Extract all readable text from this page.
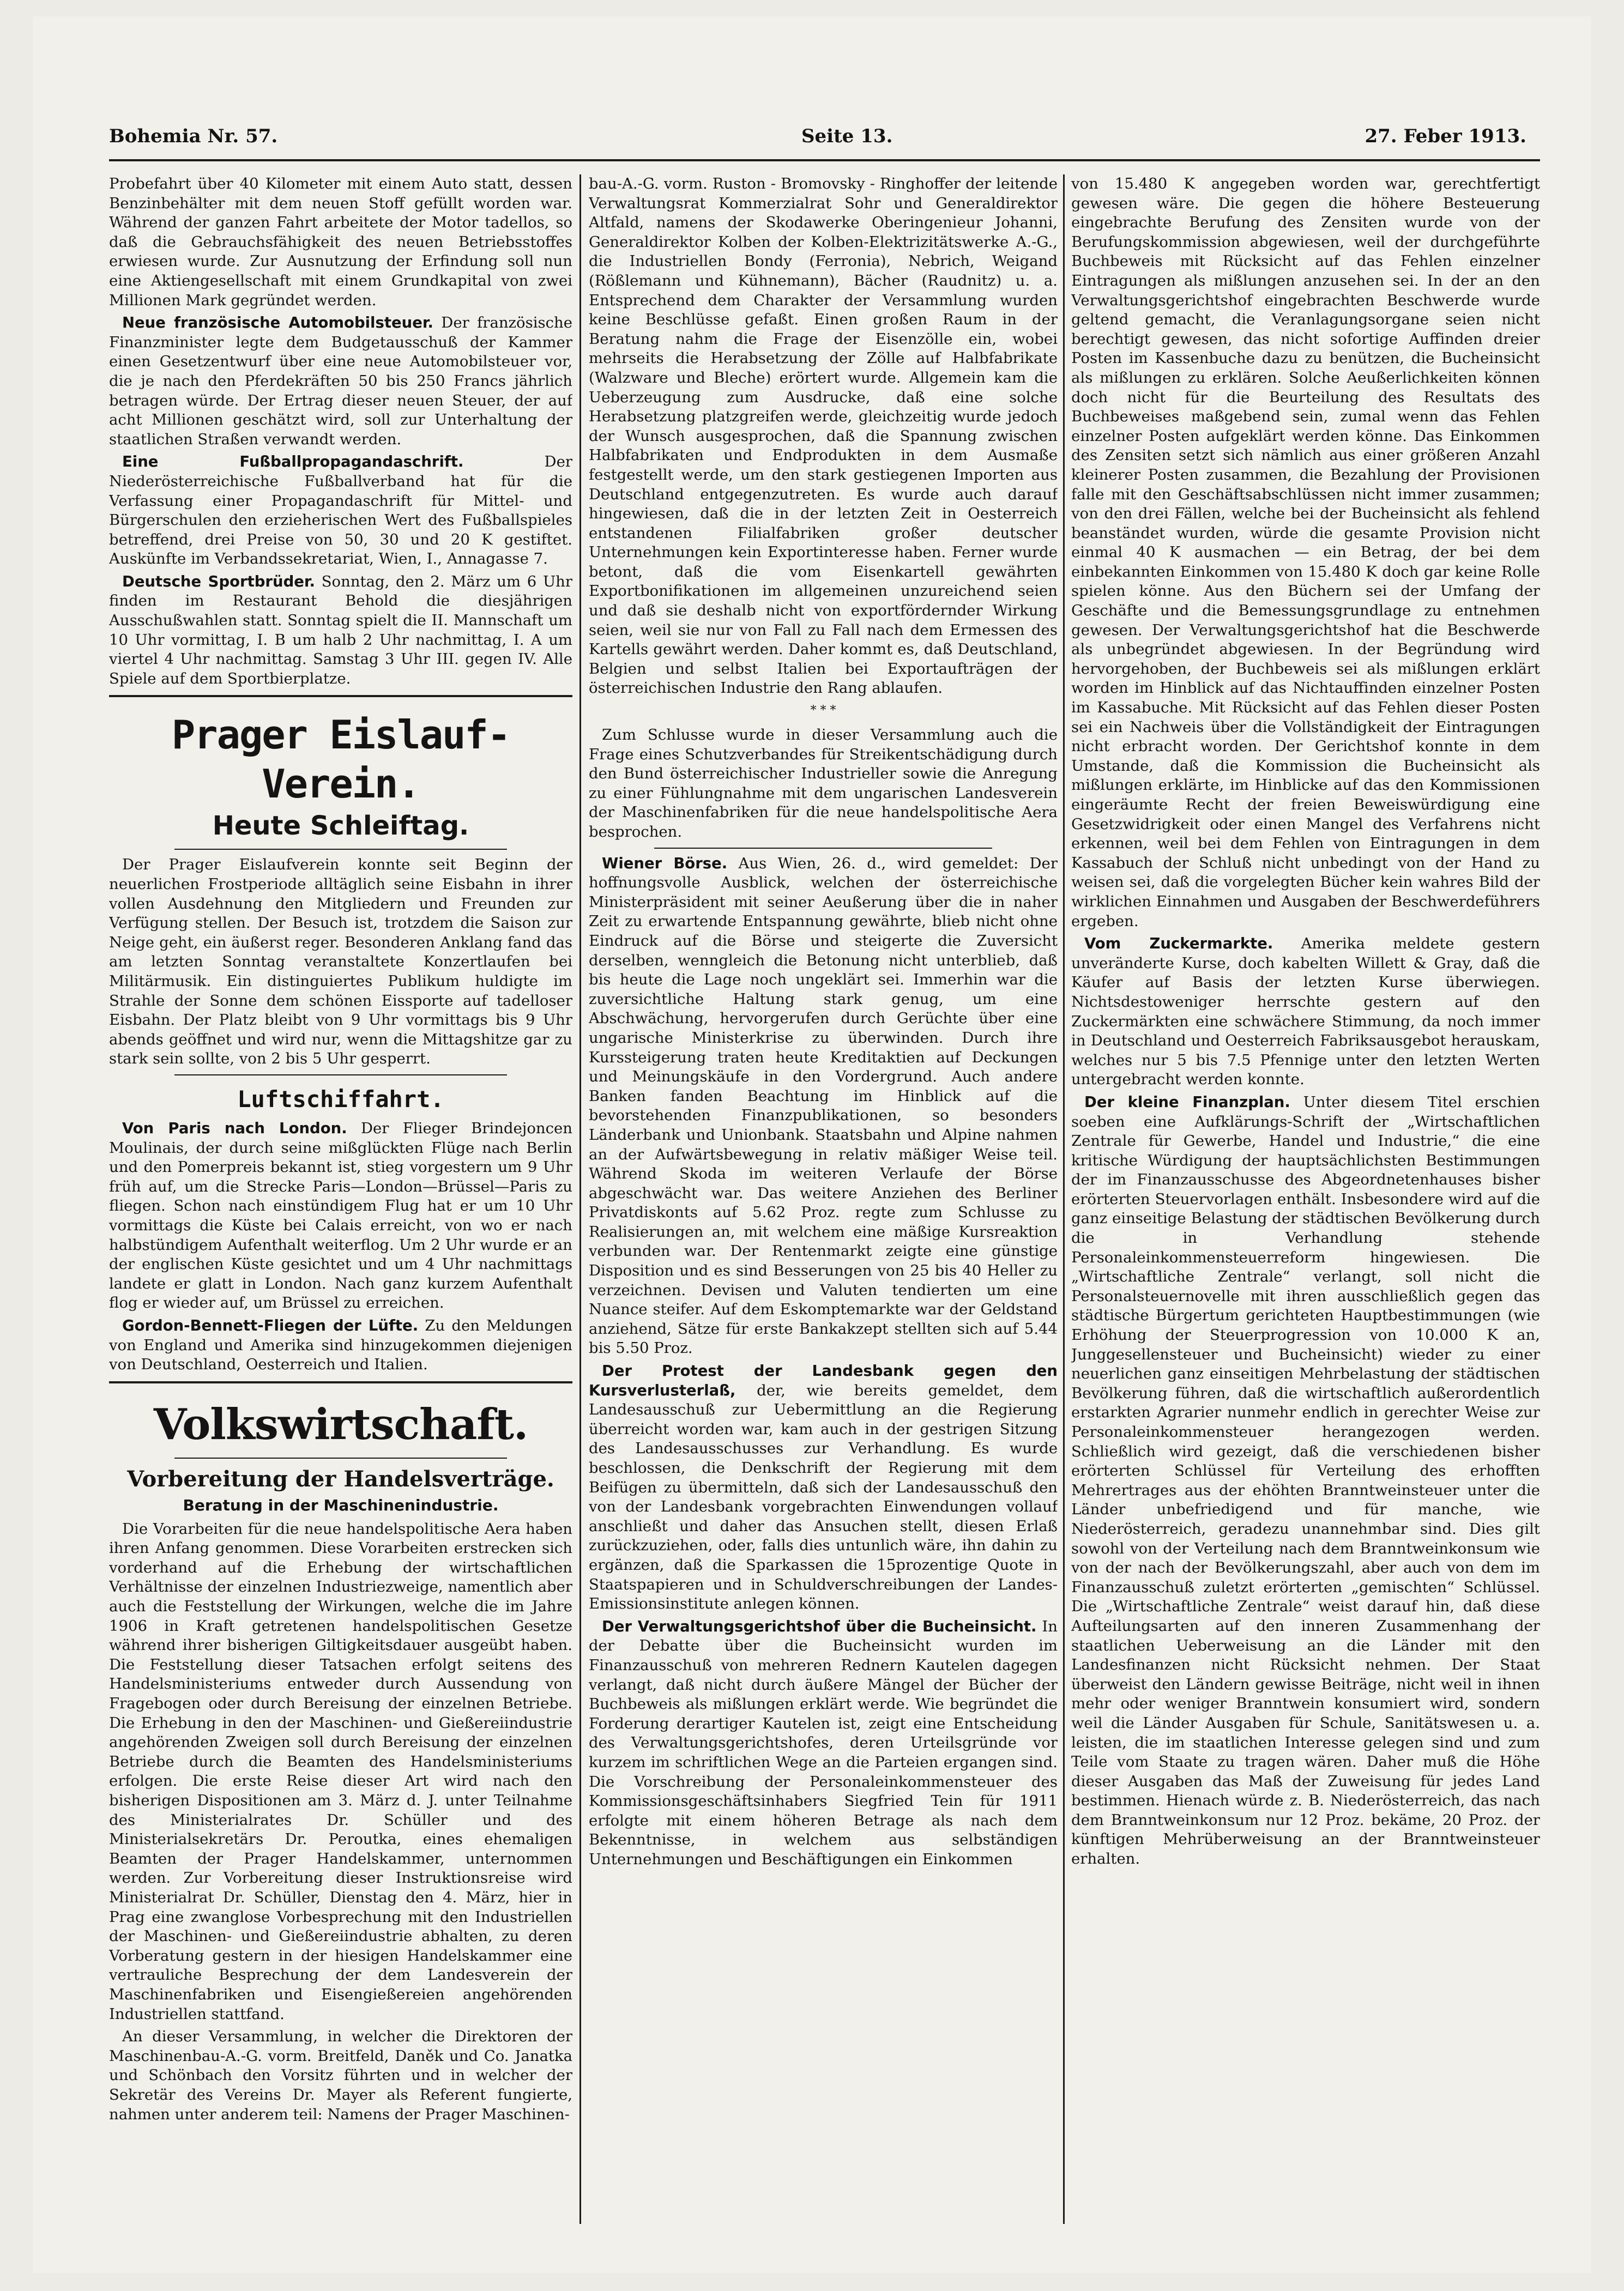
Bohemia Nr. 57.	Seite 13.	27. Feber 1913.

Probefahrt über 40 Kilometer mit einem Auto statt, dessen Benzinbehälter mit dem neuen Stoff gefüllt worden war. Während der ganzen Fahrt arbeitete der Motor tadellos, so daß die Gebrauchsfähigkeit des neuen Betriebsstoffes erwiesen wurde. Zur Ausnutzung der Erfindung soll nun eine Aktiengesellschaft mit einem Grundkapital von zwei Millionen Mark gegründet werden.

Neue französische Automobilsteuer. Der französische Finanzminister legte dem Budgetausschuß der Kammer einen Gesetzentwurf über eine neue Automobilsteuer vor, die je nach den Pferdekräften 50 bis 250 Francs jährlich betragen würde. Der Ertrag dieser neuen Steuer, der auf acht Millionen geschätzt wird, soll zur Unterhaltung der staatlichen Straßen verwandt werden.

Eine Fußballpropagandaschrift. Der Niederösterreichische Fußballverband hat für die Verfassung einer Propagandaschrift für Mittel- und Bürgerschulen den erzieherischen Wert des Fußballspieles betreffend, drei Preise von 50, 30 und 20 K gestiftet. Auskünfte im Verbandssekretariat, Wien, I., Annagasse 7.

Deutsche Sportbrüder. Sonntag, den 2. März um 6 Uhr finden im Restaurant Behold die diesjährigen Ausschußwahlen statt. Sonntag spielt die II. Mannschaft um 10 Uhr vormittag, I. B um halb 2 Uhr nachmittag, I. A um viertel 4 Uhr nachmittag. Samstag 3 Uhr III. gegen IV. Alle Spiele auf dem Sportbierplatze.

Prager Eislauf-Verein.
Heute Schleiftag.

Der Prager Eislaufverein konnte seit Beginn der neuerlichen Frostperiode alltäglich seine Eisbahn in ihrer vollen Ausdehnung den Mitgliedern und Freunden zur Verfügung stellen. Der Besuch ist, trotzdem die Saison zur Neige geht, ein äußerst reger. Besonderen Anklang fand das am letzten Sonntag veranstaltete Konzertlaufen bei Militärmusik. Ein distinguiertes Publikum huldigte im Strahle der Sonne dem schönen Eissporte auf tadelloser Eisbahn. Der Platz bleibt von 9 Uhr vormittags bis 9 Uhr abends geöffnet und wird nur, wenn die Mittagshitze gar zu stark sein sollte, von 2 bis 5 Uhr gesperrt.

Luftschiffahrt.

Von Paris nach London. Der Flieger Brindejoncen Moulinais, der durch seine mißglückten Flüge nach Berlin und den Pomerpreis bekannt ist, stieg vorgestern um 9 Uhr früh auf, um die Strecke Paris—London—Brüssel—Paris zu fliegen. Schon nach einstündigem Flug hat er um 10 Uhr vormittags die Küste bei Calais erreicht, von wo er nach halbstündigem Aufenthalt weiterflog. Um 2 Uhr wurde er an der englischen Küste gesichtet und um 4 Uhr nachmittags landete er glatt in London. Nach ganz kurzem Aufenthalt flog er wieder auf, um Brüssel zu erreichen.

Gordon-Bennett-Fliegen der Lüfte. Zu den Meldungen von England und Amerika sind hinzugekommen diejenigen von Deutschland, Oesterreich und Italien.

Volkswirtschaft.
Vorbereitung der Handelsverträge.
Beratung in der Maschinenindustrie.

Die Vorarbeiten für die neue handelspolitische Aera haben ihren Anfang genommen. Diese Vorarbeiten erstrecken sich vorderhand auf die Erhebung der wirtschaftlichen Verhältnisse der einzelnen Industriezweige, namentlich aber auch die Feststellung der Wirkungen, welche die im Jahre 1906 in Kraft getretenen handelspolitischen Gesetze während ihrer bisherigen Giltigkeitsdauer ausgeübt haben. Die Feststellung dieser Tatsachen erfolgt seitens des Handelsministeriums entweder durch Aussendung von Fragebogen oder durch Bereisung der einzelnen Betriebe. Die Erhebung in den der Maschinen- und Gießereiindustrie angehörenden Zweigen soll durch Bereisung der einzelnen Betriebe durch die Beamten des Handelsministeriums erfolgen. Die erste Reise dieser Art wird nach den bisherigen Dispositionen am 3. März d. J. unter Teilnahme des Ministerialrates Dr. Schüller und des Ministerialsekretärs Dr. Peroutka, eines ehemaligen Beamten der Prager Handelskammer, unternommen werden. Zur Vorbereitung dieser Instruktionsreise wird Ministerialrat Dr. Schüller, Dienstag den 4. März, hier in Prag eine zwanglose Vorbesprechung mit den Industriellen der Maschinen- und Gießereiindustrie abhalten, zu deren Vorberatung gestern in der hiesigen Handelskammer eine vertrauliche Besprechung der dem Landesverein der Maschinenfabriken und Eisengießereien angehörenden Industriellen stattfand.

An dieser Versammlung, in welcher die Direktoren der Maschinenbau-A.-G. vorm. Breitfeld, Daněk und Co. Janatka und Schönbach den Vorsitz führten und in welcher der Sekretär des Vereins Dr. Mayer als Referent fungierte, nahmen unter anderem teil: Namens der Prager Maschinen-

bau-A.-G. vorm. Ruston - Bromovsky - Ringhoffer der leitende Verwaltungsrat Kommerzialrat Sohr und Generaldirektor Altfald, namens der Skodawerke Oberingenieur Johanni, Generaldirektor Kolben der Kolben-Elektrizitätswerke A.-G., die Industriellen Bondy (Ferronia), Nebrich, Weigand (Rößlemann und Kühnemann), Bächer (Raudnitz) u. a. Entsprechend dem Charakter der Versammlung wurden keine Beschlüsse gefaßt. Einen großen Raum in der Beratung nahm die Frage der Eisenzölle ein, wobei mehrseits die Herabsetzung der Zölle auf Halbfabrikate (Walzware und Bleche) erörtert wurde. Allgemein kam die Ueberzeugung zum Ausdrucke, daß eine solche Herabsetzung platzgreifen werde, gleichzeitig wurde jedoch der Wunsch ausgesprochen, daß die Spannung zwischen Halbfabrikaten und Endprodukten in dem Ausmaße festgestellt werde, um den stark gestiegenen Importen aus Deutschland entgegenzutreten. Es wurde auch darauf hingewiesen, daß die in der letzten Zeit in Oesterreich entstandenen Filialfabriken großer deutscher Unternehmungen kein Exportinteresse haben. Ferner wurde betont, daß die vom Eisenkartell gewährten Exportbonifikationen im allgemeinen unzureichend seien und daß sie deshalb nicht von exportfördernder Wirkung seien, weil sie nur von Fall zu Fall nach dem Ermessen des Kartells gewährt werden. Daher kommt es, daß Deutschland, Belgien und selbst Italien bei Exportaufträgen der österreichischen Industrie den Rang ablaufen.

* * *

Zum Schlusse wurde in dieser Versammlung auch die Frage eines Schutzverbandes für Streikentschädigung durch den Bund österreichischer Industrieller sowie die Anregung zu einer Fühlungnahme mit dem ungarischen Landesverein der Maschinenfabriken für die neue handelspolitische Aera besprochen.

Wiener Börse. Aus Wien, 26. d., wird gemeldet: Der hoffnungsvolle Ausblick, welchen der österreichische Ministerpräsident mit seiner Aeußerung über die in naher Zeit zu erwartende Entspannung gewährte, blieb nicht ohne Eindruck auf die Börse und steigerte die Zuversicht derselben, wenngleich die Betonung nicht unterblieb, daß bis heute die Lage noch ungeklärt sei. Immerhin war die zuversichtliche Haltung stark genug, um eine Abschwächung, hervorgerufen durch Gerüchte über eine ungarische Ministerkrise zu überwinden. Durch ihre Kurssteigerung traten heute Kreditaktien auf Deckungen und Meinungskäufe in den Vordergrund. Auch andere Banken fanden Beachtung im Hinblick auf die bevorstehenden Finanzpublikationen, so besonders Länderbank und Unionbank. Staatsbahn und Alpine nahmen an der Aufwärtsbewegung in relativ mäßiger Weise teil. Während Skoda im weiteren Verlaufe der Börse abgeschwächt war. Das weitere Anziehen des Berliner Privatdiskonts auf 5.62 Proz. regte zum Schlusse zu Realisierungen an, mit welchem eine mäßige Kursreaktion verbunden war. Der Rentenmarkt zeigte eine günstige Disposition und es sind Besserungen von 25 bis 40 Heller zu verzeichnen. Devisen und Valuten tendierten um eine Nuance steifer. Auf dem Eskomptemarkte war der Geldstand anziehend, Sätze für erste Bankakzept stellten sich auf 5.44 bis 5.50 Proz.

Der Protest der Landesbank gegen den Kursverlusterlaß, der, wie bereits gemeldet, dem Landesausschuß zur Uebermittlung an die Regierung überreicht worden war, kam auch in der gestrigen Sitzung des Landesausschusses zur Verhandlung. Es wurde beschlossen, die Denkschrift der Regierung mit dem Beifügen zu übermitteln, daß sich der Landesausschuß den von der Landesbank vorgebrachten Einwendungen vollauf anschließt und daher das Ansuchen stellt, diesen Erlaß zurückzuziehen, oder, falls dies untunlich wäre, ihn dahin zu ergänzen, daß die Sparkassen die 15prozentige Quote in Staatspapieren und in Schuldverschreibungen der Landes-Emissionsinstitute anlegen können.

Der Verwaltungsgerichtshof über die Bucheinsicht. In der Debatte über die Bucheinsicht wurden im Finanzausschuß von mehreren Rednern Kautelen dagegen verlangt, daß nicht durch äußere Mängel der Bücher der Buchbeweis als mißlungen erklärt werde. Wie begründet die Forderung derartiger Kautelen ist, zeigt eine Entscheidung des Verwaltungsgerichtshofes, deren Urteilsgründe vor kurzem im schriftlichen Wege an die Parteien ergangen sind. Die Vorschreibung der Personaleinkommensteuer des Kommissionsgeschäftsinhabers Siegfried Tein für 1911 erfolgte mit einem höheren Betrage als nach dem Bekenntnisse, in welchem aus selbständigen Unternehmungen und Beschäftigungen ein Einkommen

von 15.480 K angegeben worden war, gerechtfertigt gewesen wäre. Die gegen die höhere Besteuerung eingebrachte Berufung des Zensiten wurde von der Berufungskommission abgewiesen, weil der durchgeführte Buchbeweis mit Rücksicht auf das Fehlen einzelner Eintragungen als mißlungen anzusehen sei. In der an den Verwaltungsgerichtshof eingebrachten Beschwerde wurde geltend gemacht, die Veranlagungsorgane seien nicht berechtigt gewesen, das nicht sofortige Auffinden dreier Posten im Kassenbuche dazu zu benützen, die Bucheinsicht als mißlungen zu erklären. Solche Aeußerlichkeiten können doch nicht für die Beurteilung des Resultats des Buchbeweises maßgebend sein, zumal wenn das Fehlen einzelner Posten aufgeklärt werden könne. Das Einkommen des Zensiten setzt sich nämlich aus einer größeren Anzahl kleinerer Posten zusammen, die Bezahlung der Provisionen falle mit den Geschäftsabschlüssen nicht immer zusammen; von den drei Fällen, welche bei der Bucheinsicht als fehlend beanständet wurden, würde die gesamte Provision nicht einmal 40 K ausmachen — ein Betrag, der bei dem einbekannten Einkommen von 15.480 K doch gar keine Rolle spielen könne. Aus den Büchern sei der Umfang der Geschäfte und die Bemessungsgrundlage zu entnehmen gewesen. Der Verwaltungsgerichtshof hat die Beschwerde als unbegründet abgewiesen. In der Begründung wird hervorgehoben, der Buchbeweis sei als mißlungen erklärt worden im Hinblick auf das Nichtauffinden einzelner Posten im Kassabuche. Mit Rücksicht auf das Fehlen dieser Posten sei ein Nachweis über die Vollständigkeit der Eintragungen nicht erbracht worden. Der Gerichtshof konnte in dem Umstande, daß die Kommission die Bucheinsicht als mißlungen erklärte, im Hinblicke auf das den Kommissionen eingeräumte Recht der freien Beweiswürdigung eine Gesetzwidrigkeit oder einen Mangel des Verfahrens nicht erkennen, weil bei dem Fehlen von Eintragungen in dem Kassabuch der Schluß nicht unbedingt von der Hand zu weisen sei, daß die vorgelegten Bücher kein wahres Bild der wirklichen Einnahmen und Ausgaben der Beschwerdeführers ergeben.

Vom Zuckermarkte. Amerika meldete gestern unveränderte Kurse, doch kabelten Willett & Gray, daß die Käufer auf Basis der letzten Kurse überwiegen. Nichtsdestoweniger herrschte gestern auf den Zuckermärkten eine schwächere Stimmung, da noch immer in Deutschland und Oesterreich Fabriksausgebot herauskam, welches nur 5 bis 7.5 Pfennige unter den letzten Werten untergebracht werden konnte.

Der kleine Finanzplan. Unter diesem Titel erschien soeben eine Aufklärungs-Schrift der „Wirtschaftlichen Zentrale für Gewerbe, Handel und Industrie,“ die eine kritische Würdigung der hauptsächlichsten Bestimmungen der im Finanzausschusse des Abgeordnetenhauses bisher erörterten Steuervorlagen enthält. Insbesondere wird auf die ganz einseitige Belastung der städtischen Bevölkerung durch die in Verhandlung stehende Personaleinkommensteuerreform hingewiesen. Die „Wirtschaftliche Zentrale“ verlangt, soll nicht die Personalsteuernovelle mit ihren ausschließlich gegen das städtische Bürgertum gerichteten Hauptbestimmungen (wie Erhöhung der Steuerprogression von 10.000 K an, Junggesellensteuer und Bucheinsicht) wieder zu einer neuerlichen ganz einseitigen Mehrbelastung der städtischen Bevölkerung führen, daß die wirtschaftlich außerordentlich erstarkten Agrarier nunmehr endlich in gerechter Weise zur Personaleinkommensteuer herangezogen werden. Schließlich wird gezeigt, daß die verschiedenen bisher erörterten Schlüssel für Verteilung des erhofften Mehrertrages aus der ehöhten Branntweinsteuer unter die Länder unbefriedigend und für manche, wie Niederösterreich, geradezu unannehmbar sind. Dies gilt sowohl von der Verteilung nach dem Branntweinkonsum wie von der nach der Bevölkerungszahl, aber auch von dem im Finanzausschuß zuletzt erörterten „gemischten“ Schlüssel. Die „Wirtschaftliche Zentrale“ weist darauf hin, daß diese Aufteilungsarten auf den inneren Zusammenhang der staatlichen Ueberweisung an die Länder mit den Landesfinanzen nicht Rücksicht nehmen. Der Staat überweist den Ländern gewisse Beiträge, nicht weil in ihnen mehr oder weniger Branntwein konsumiert wird, sondern weil die Länder Ausgaben für Schule, Sanitätswesen u. a. leisten, die im staatlichen Interesse gelegen sind und zum Teile vom Staate zu tragen wären. Daher muß die Höhe dieser Ausgaben das Maß der Zuweisung für jedes Land bestimmen. Hienach würde z. B. Niederösterreich, das nach dem Branntweinkonsum nur 12 Proz. bekäme, 20 Proz. der künftigen Mehrüberweisung an der Branntweinsteuer erhalten.
